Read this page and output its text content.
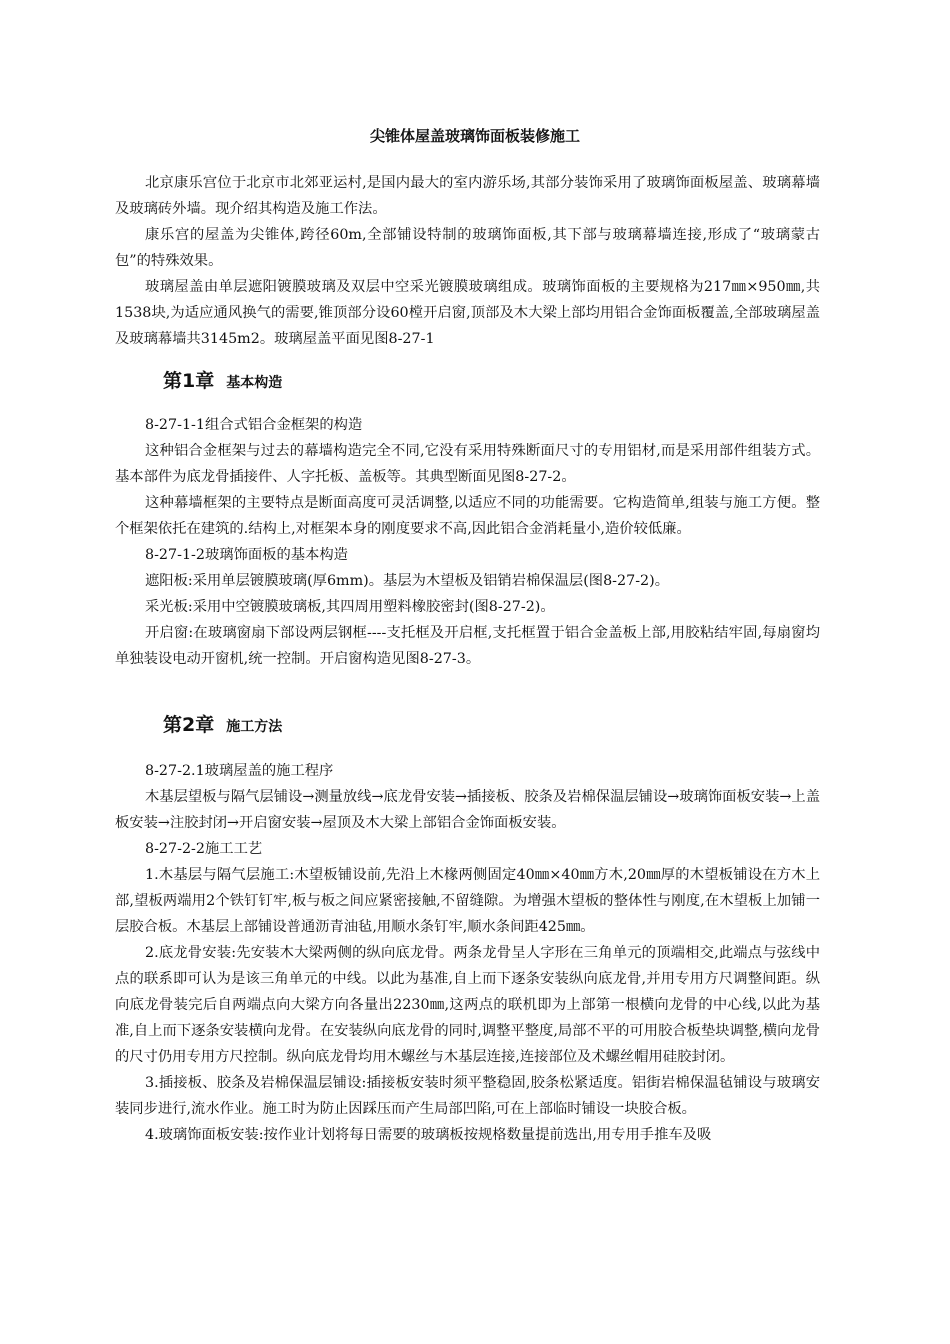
尖锥体屋盖玻璃饰面板装修施工

北京康乐宫位于北京市北郊亚运村,是国内最大的室内游乐场,其部分装饰采用了玻璃饰面板屋盖、玻璃幕墙及玻璃砖外墙。现介绍其构造及施工作法。

康乐宫的屋盖为尖锥体,跨径60m,全部铺设特制的玻璃饰面板,其下部与玻璃幕墙连接,形成了“玻璃蒙古包”的特殊效果。

玻璃屋盖由单层遮阳镀膜玻璃及双层中空采光镀膜玻璃组成。玻璃饰面板的主要规格为217㎜×950㎜,共1538块,为适应通风换气的需要,锥顶部分设60樘开启窗,顶部及木大梁上部均用铝合金饰面板覆盖,全部玻璃屋盖及玻璃幕墙共3145m2。玻璃屋盖平面见图8-27-1

第1章 基本构造

8-27-1-1组合式铝合金框架的构造

这种铝合金框架与过去的幕墙构造完全不同,它没有采用特殊断面尺寸的专用铝材,而是采用部件组装方式。基本部件为底龙骨插接件、人字托板、盖板等。其典型断面见图8-27-2。

这种幕墙框架的主要特点是断面高度可灵活调整,以适应不同的功能需要。它构造简单,组装与施工方便。整个框架依托在建筑的.结构上,对框架本身的刚度要求不高,因此铝合金消耗量小,造价较低廉。

8-27-1-2玻璃饰面板的基本构造

遮阳板:采用单层镀膜玻璃(厚6mm)。基层为木望板及铝销岩棉保温层(图8-27-2)。

采光板:采用中空镀膜玻璃板,其四周用塑料橡胶密封(图8-27-2)。

开启窗:在玻璃窗扇下部设两层钢框----支托框及开启框,支托框置于铝合金盖板上部,用胶粘结牢固,每扇窗均单独装设电动开窗机,统一控制。开启窗构造见图8-27-3。

第2章 施工方法

8-27-2.1玻璃屋盖的施工程序

木基层望板与隔气层铺设→测量放线→底龙骨安装→插接板、胶条及岩棉保温层铺设→玻璃饰面板安装→上盖板安装→注胶封闭→开启窗安装→屋顶及木大梁上部铝合金饰面板安装。

8-27-2-2施工工艺

1.木基层与隔气层施工:木望板铺设前,先沿上木椽两侧固定40㎜×40㎜方木,20㎜厚的木望板铺设在方木上部,望板两端用2个铁钉钉牢,板与板之间应紧密接触,不留缝隙。为增强木望板的整体性与刚度,在木望板上加铺一层胶合板。木基层上部铺设普通沥青油毡,用顺水条钉牢,顺水条间距425㎜。

2.底龙骨安装:先安装木大梁两侧的纵向底龙骨。两条龙骨呈人字形在三角单元的顶端相交,此端点与弦线中点的联系即可认为是该三角单元的中线。以此为基准,自上而下逐条安装纵向底龙骨,并用专用方尺调整间距。纵向底龙骨装完后自两端点向大梁方向各量出2230㎜,这两点的联机即为上部第一根横向龙骨的中心线,以此为基准,自上而下逐条安装横向龙骨。在安装纵向底龙骨的同时,调整平整度,局部不平的可用胶合板垫块调整,横向龙骨的尺寸仍用专用方尺控制。纵向底龙骨均用木螺丝与木基层连接,连接部位及术螺丝帽用硅胶封闭。

3.插接板、胶条及岩棉保温层铺设:插接板安装时须平整稳固,胶条松紧适度。铝街岩棉保温毡铺设与玻璃安装同步进行,流水作业。施工时为防止因踩压而产生局部凹陷,可在上部临时铺设一块胶合板。

4.玻璃饰面板安装:按作业计划将每日需要的玻璃板按规格数量提前选出,用专用手推车及吸
